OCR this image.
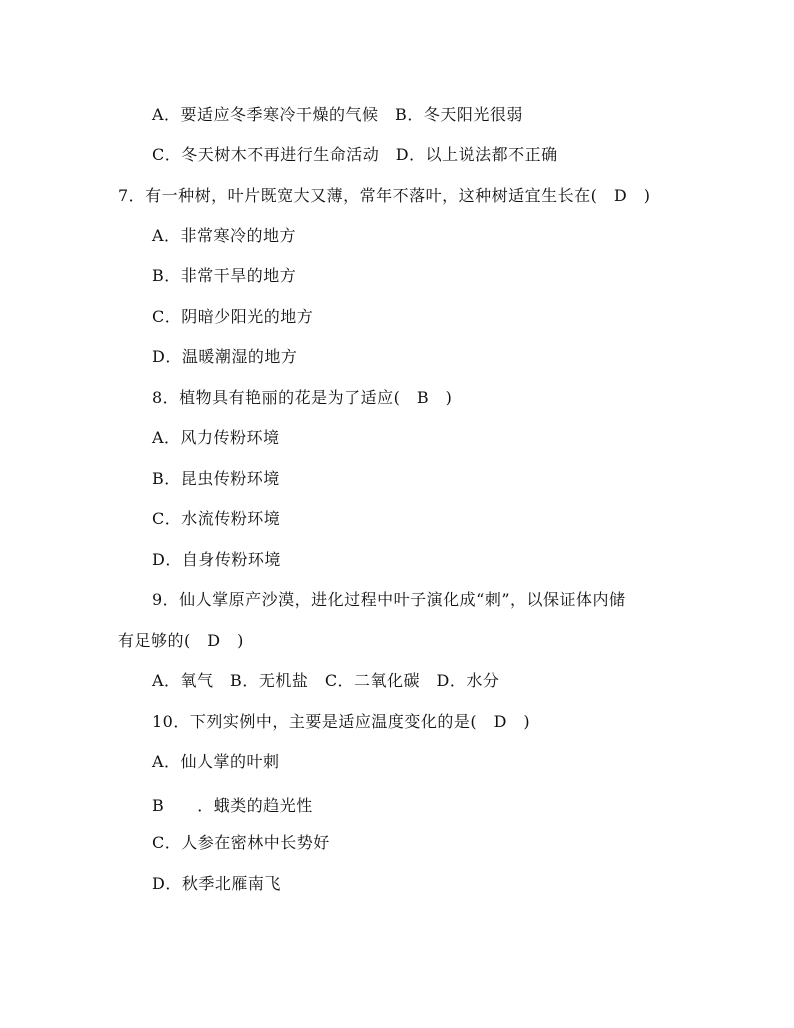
A．要适应冬季寒冷干燥的气候　B．冬天阳光很弱
C．冬天树木不再进行生命活动　D．以上说法都不正确
7．有一种树，叶片既宽大又薄，常年不落叶，这种树适宜生长在(　D　)
A．非常寒冷的地方
B．非常干旱的地方
C．阴暗少阳光的地方
D．温暖潮湿的地方
8．植物具有艳丽的花是为了适应(　B　)
A．风力传粉环境
B．昆虫传粉环境
C．水流传粉环境
D．自身传粉环境
9．仙人掌原产沙漠，进化过程中叶子演化成“刺”，以保证体内储
有足够的(　D　)
A．氧气　B．无机盐　C．二氧化碳　D．水分
10．下列实例中，主要是适应温度变化的是(　D　)
A．仙人掌的叶刺
B　　．蛾类的趋光性
C．人参在密林中长势好
D．秋季北雁南飞
